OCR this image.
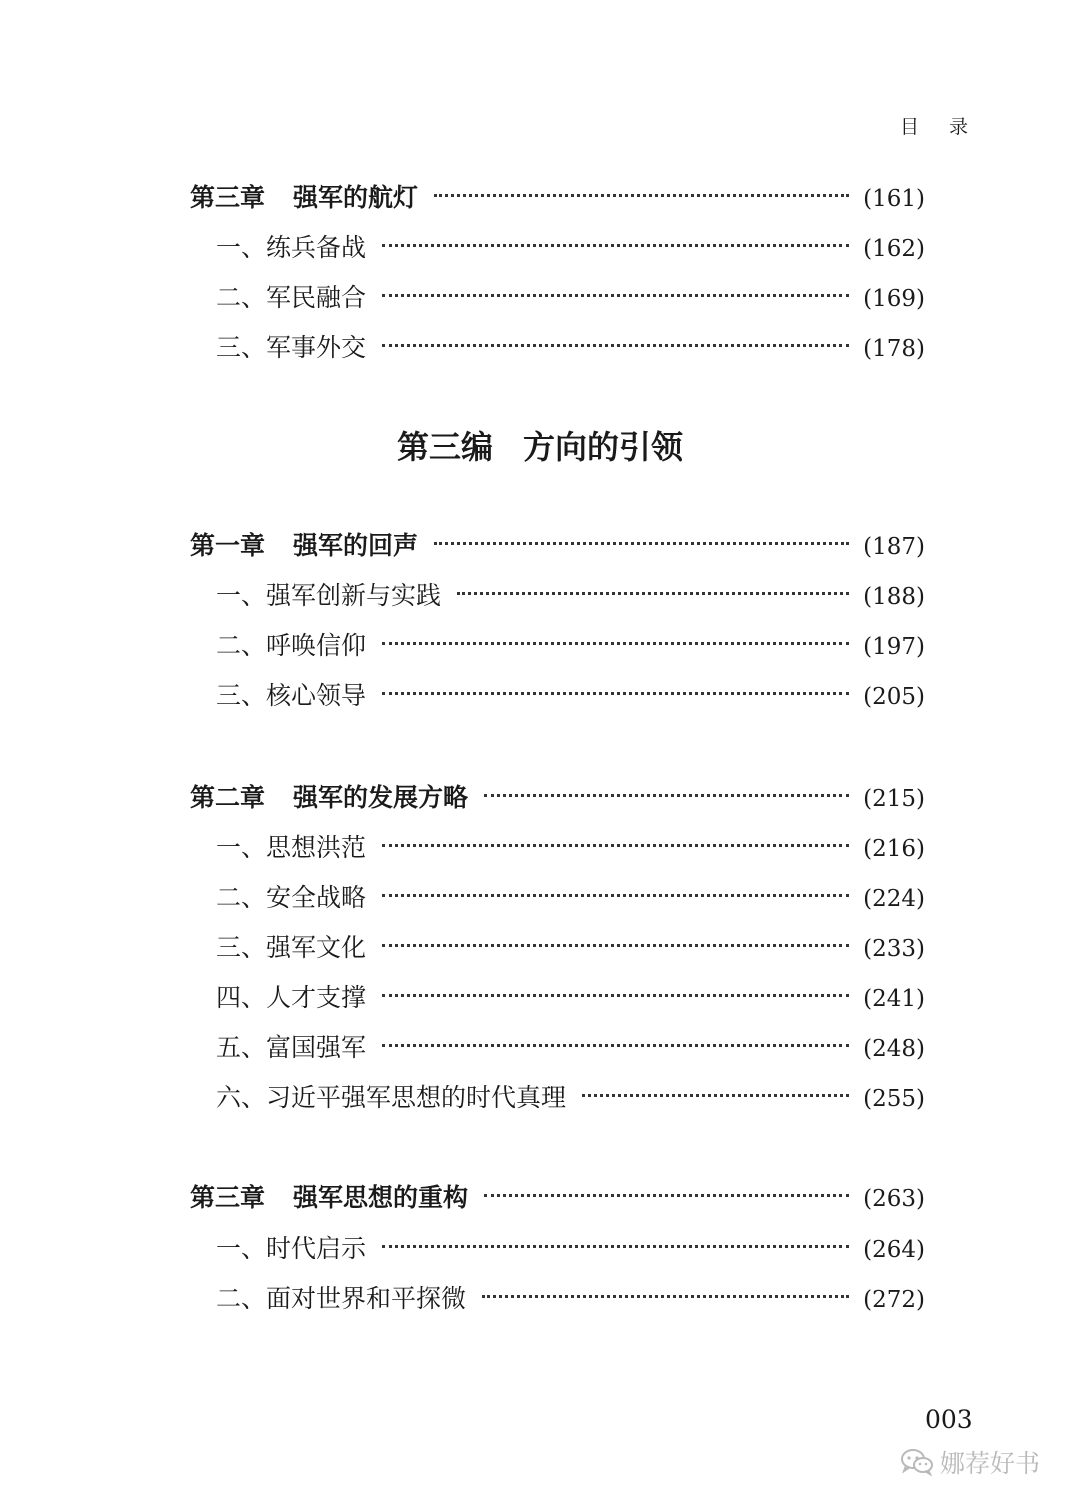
目 录
第三章 强军的航灯	(161)
一、练兵备战	(162)
二、军民融合	(169)
三、军事外交	(178)
第三编 方向的引领
第一章 强军的回声	(187)
一、强军创新与实践	(188)
二、呼唤信仰	(197)
三、核心领导	(205)
第二章 强军的发展方略	(215)
一、思想洪范	(216)
二、安全战略	(224)
三、强军文化	(233)
四、人才支撑	(241)
五、富国强军	(248)
六、习近平强军思想的时代真理	(255)
第三章 强军思想的重构	(263)
一、时代启示	(264)
二、面对世界和平探微	(272)
003
娜荐好书
